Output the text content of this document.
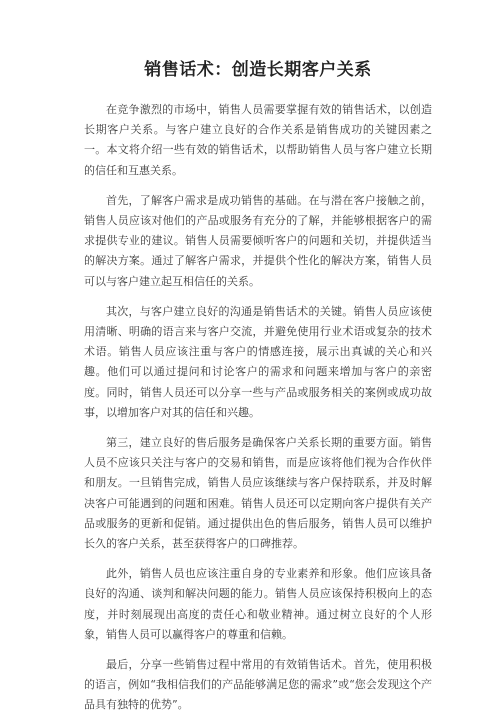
销售话术：创造长期客户关系

在竞争激烈的市场中，销售人员需要掌握有效的销售话术，以创造长期客户关系。与客户建立良好的合作关系是销售成功的关键因素之一。本文将介绍一些有效的销售话术，以帮助销售人员与客户建立长期的信任和互惠关系。

首先，了解客户需求是成功销售的基础。在与潜在客户接触之前，销售人员应该对他们的产品或服务有充分的了解，并能够根据客户的需求提供专业的建议。销售人员需要倾听客户的问题和关切，并提供适当的解决方案。通过了解客户需求，并提供个性化的解决方案，销售人员可以与客户建立起互相信任的关系。

其次，与客户建立良好的沟通是销售话术的关键。销售人员应该使用清晰、明确的语言来与客户交流，并避免使用行业术语或复杂的技术术语。销售人员应该注重与客户的情感连接，展示出真诚的关心和兴趣。他们可以通过提问和讨论客户的需求和问题来增加与客户的亲密度。同时，销售人员还可以分享一些与产品或服务相关的案例或成功故事，以增加客户对其的信任和兴趣。

第三，建立良好的售后服务是确保客户关系长期的重要方面。销售人员不应该只关注与客户的交易和销售，而是应该将他们视为合作伙伴和朋友。一旦销售完成，销售人员应该继续与客户保持联系，并及时解决客户可能遇到的问题和困难。销售人员还可以定期向客户提供有关产品或服务的更新和促销。通过提供出色的售后服务，销售人员可以维护长久的客户关系，甚至获得客户的口碑推荐。

此外，销售人员也应该注重自身的专业素养和形象。他们应该具备良好的沟通、谈判和解决问题的能力。销售人员应该保持积极向上的态度，并时刻展现出高度的责任心和敬业精神。通过树立良好的个人形象，销售人员可以赢得客户的尊重和信赖。

最后，分享一些销售过程中常用的有效销售话术。首先，使用积极的语言，例如“我相信我们的产品能够满足您的需求”或“您会发现这个产品具有独特的优势”。
